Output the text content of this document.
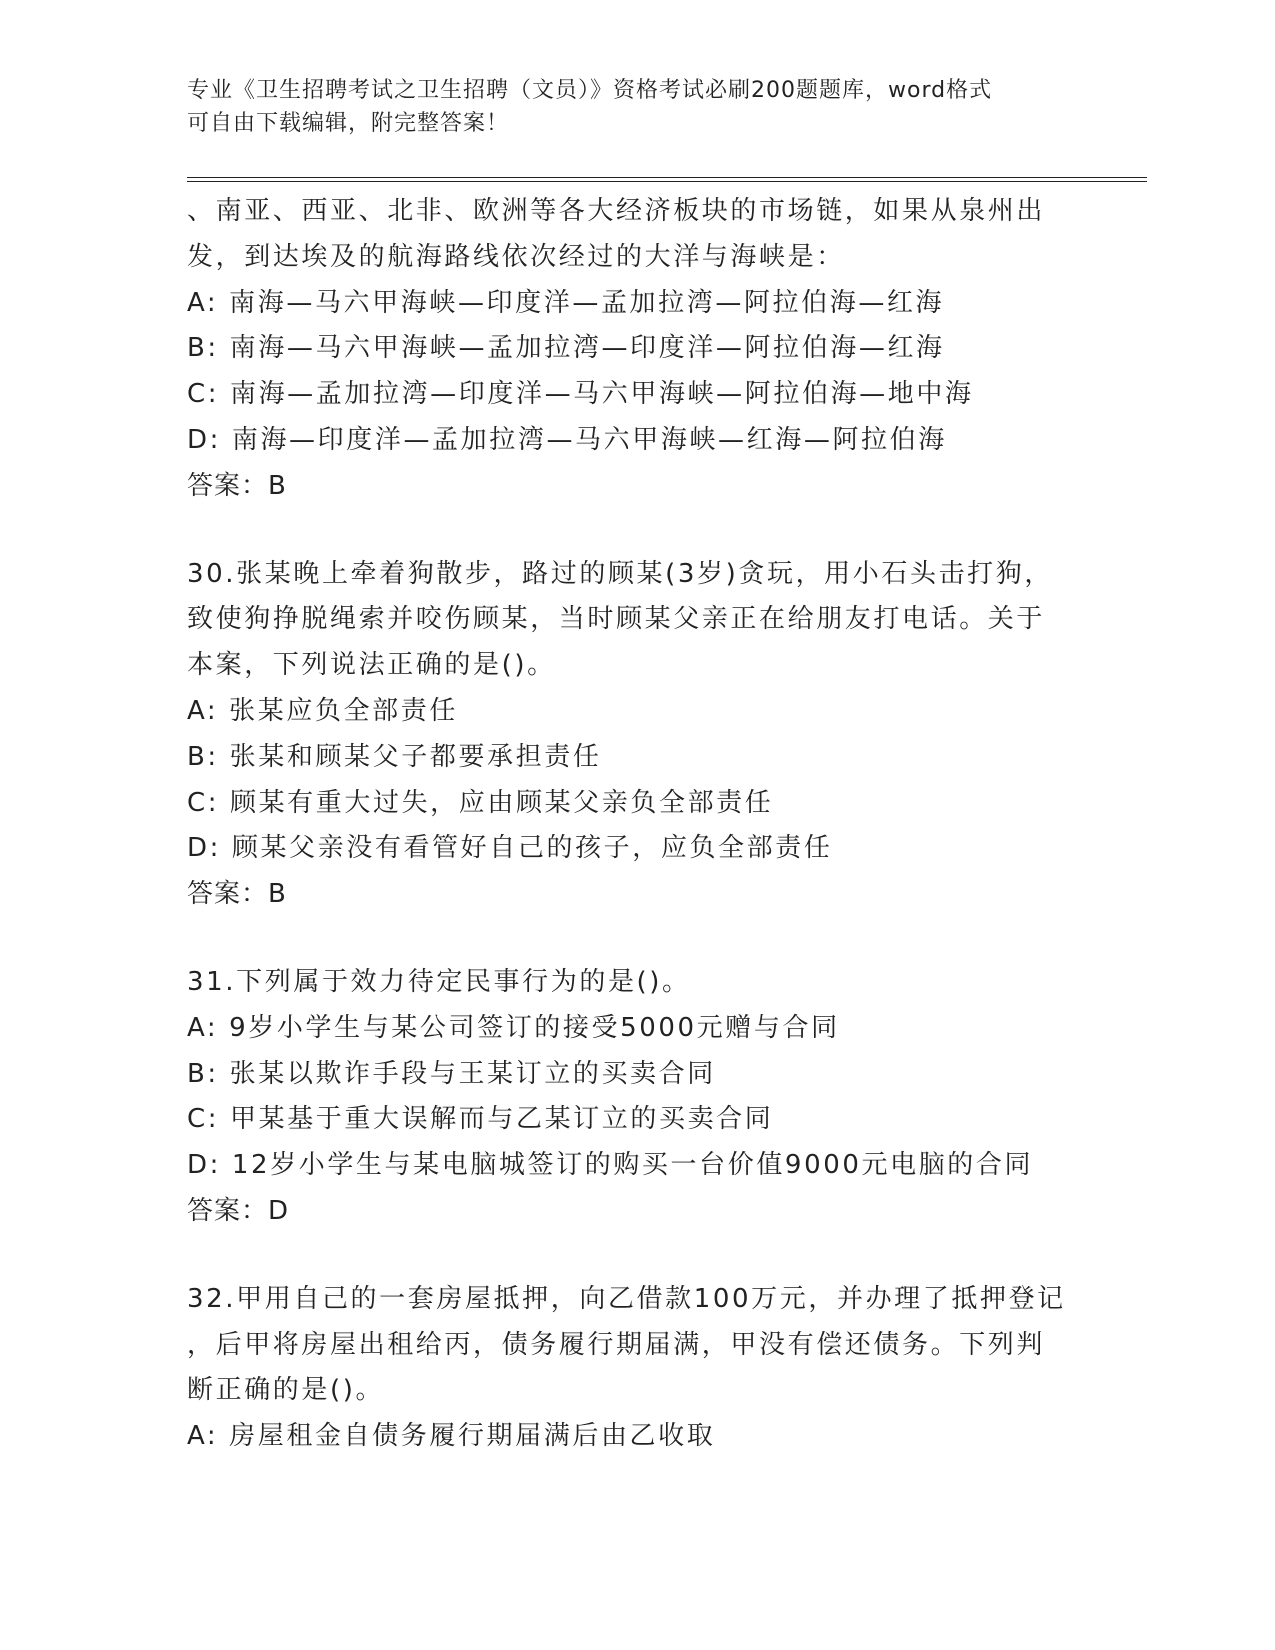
专业《卫生招聘考试之卫生招聘（文员）》资格考试必刷200题题库，word格式
可自由下载编辑，附完整答案！
、南亚、西亚、北非、欧洲等各大经济板块的市场链，如果从泉州出
发，到达埃及的航海路线依次经过的大洋与海峡是：
A: 南海—马六甲海峡—印度洋—孟加拉湾—阿拉伯海—红海
B: 南海—马六甲海峡—孟加拉湾—印度洋—阿拉伯海—红海
C: 南海—孟加拉湾—印度洋—马六甲海峡—阿拉伯海—地中海
D: 南海—印度洋—孟加拉湾—马六甲海峡—红海—阿拉伯海
答案：B
30.张某晚上牵着狗散步，路过的顾某(3岁)贪玩，用小石头击打狗，
致使狗挣脱绳索并咬伤顾某，当时顾某父亲正在给朋友打电话。关于
本案，下列说法正确的是()。
A: 张某应负全部责任
B: 张某和顾某父子都要承担责任
C: 顾某有重大过失，应由顾某父亲负全部责任
D: 顾某父亲没有看管好自己的孩子，应负全部责任
答案：B
31.下列属于效力待定民事行为的是()。
A: 9岁小学生与某公司签订的接受5000元赠与合同
B: 张某以欺诈手段与王某订立的买卖合同
C: 甲某基于重大误解而与乙某订立的买卖合同
D: 12岁小学生与某电脑城签订的购买一台价值9000元电脑的合同
答案：D
32.甲用自己的一套房屋抵押，向乙借款100万元，并办理了抵押登记
，后甲将房屋出租给丙，债务履行期届满，甲没有偿还债务。下列判
断正确的是()。
A: 房屋租金自债务履行期届满后由乙收取
